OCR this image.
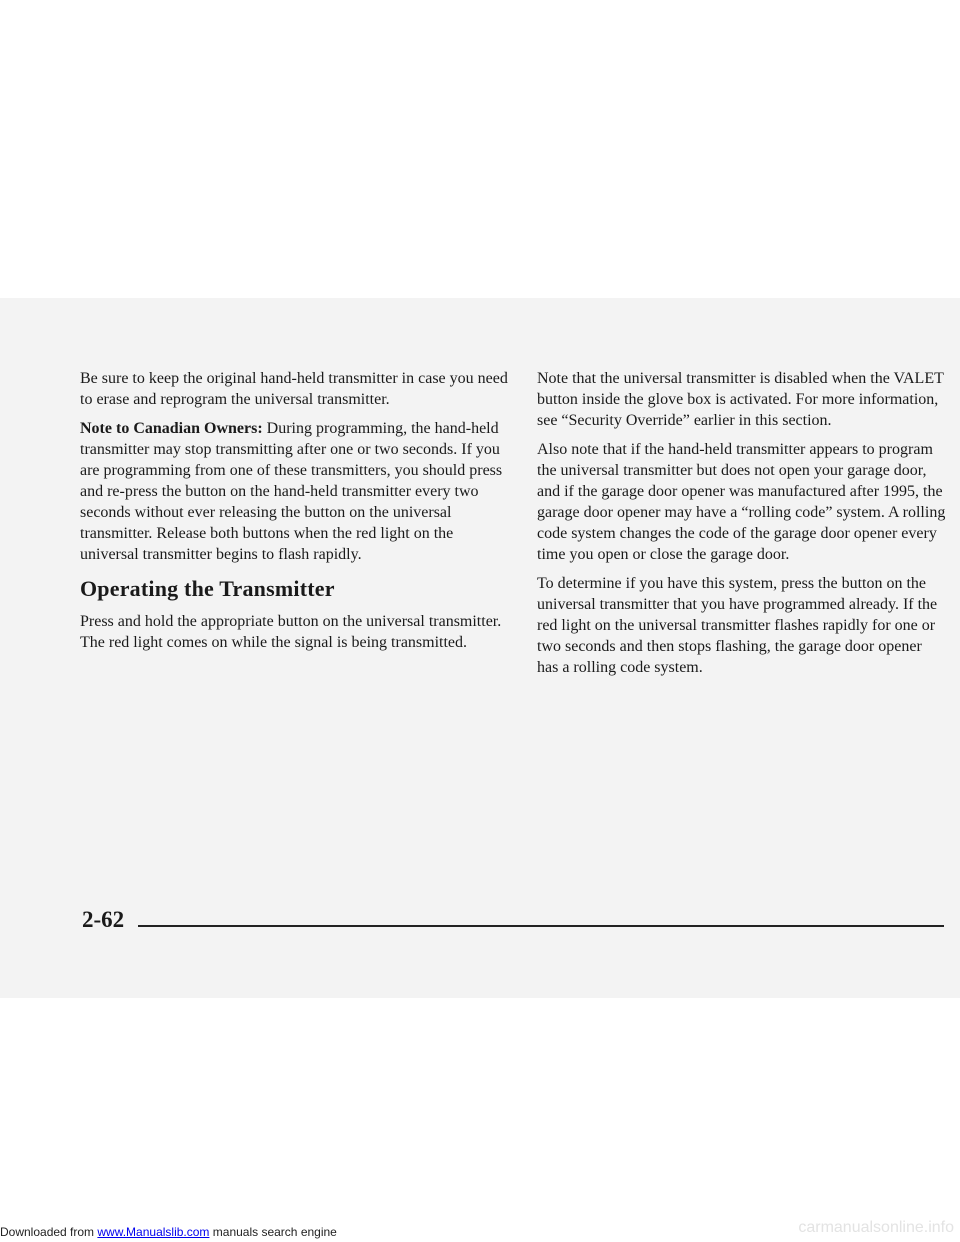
Be sure to keep the original hand-held transmitter in case you need to erase and reprogram the universal transmitter.

Note to Canadian Owners: During programming, the hand-held transmitter may stop transmitting after one or two seconds. If you are programming from one of these transmitters, you should press and re-press the button on the hand-held transmitter every two seconds without ever releasing the button on the universal transmitter. Release both buttons when the red light on the universal transmitter begins to flash rapidly.

Operating the Transmitter

Press and hold the appropriate button on the universal transmitter. The red light comes on while the signal is being transmitted.

Note that the universal transmitter is disabled when the VALET button inside the glove box is activated. For more information, see “Security Override” earlier in this section.

Also note that if the hand-held transmitter appears to program the universal transmitter but does not open your garage door, and if the garage door opener was manufactured after 1995, the garage door opener may have a “rolling code” system. A rolling code system changes the code of the garage door opener every time you open or close the garage door.

To determine if you have this system, press the button on the universal transmitter that you have programmed already. If the red light on the universal transmitter flashes rapidly for one or two seconds and then stops flashing, the garage door opener has a rolling code system.

2-62
Downloaded from www.Manualslib.com manuals search engine	carmanualsonline.info
